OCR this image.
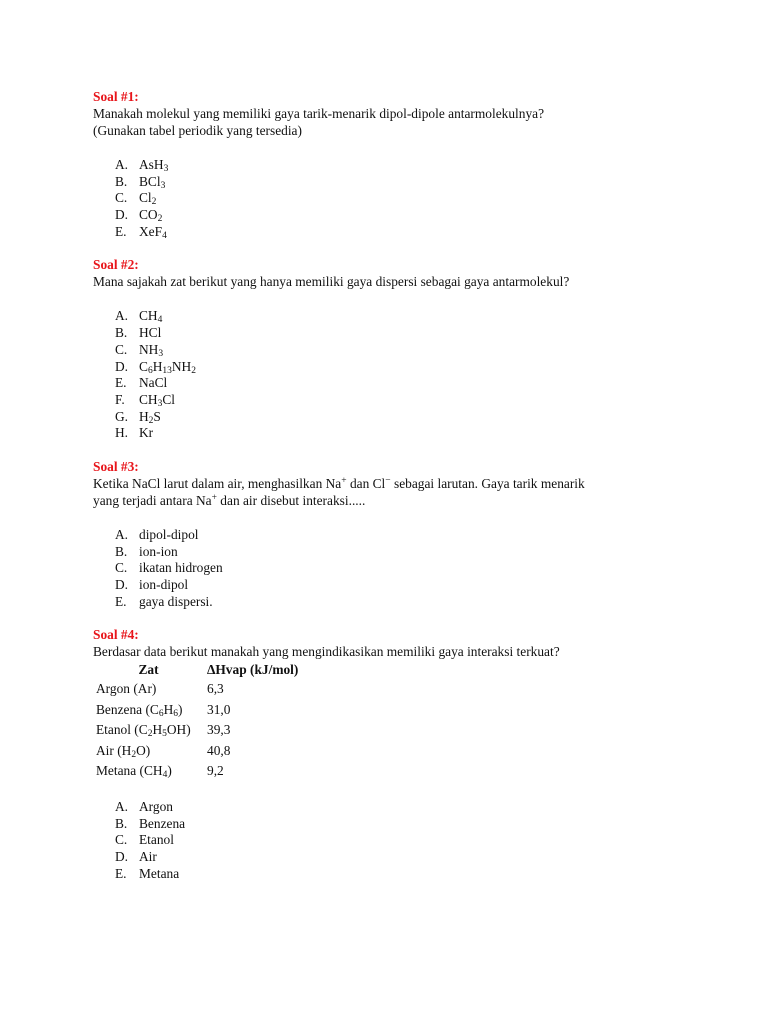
Soal #1:

Manakah molekul yang memiliki gaya tarik-menarik dipol-dipole antarmolekulnya?

(Gunakan tabel periodik yang tersedia)

A. AsH$_3$
B. BCl$_3$
C. $Cl_2$
D. $CO_2$
E. XeF$_4$

Soal #2:

Mana sajakah zat berikut yang hanya memiliki gaya dispersi sebagai gaya antarmolekul?

A. $CH_4$
B. HCl
C. $NH_3$
D. $C_6H_{13}NH_2$
E. NaCl
F. $CH_3Cl$
G. $H_2S$
H. Kr

Soal #3:

Ketika NaCl larut dalam air, menghasilkan Na+ dan Cl− sebagai larutan. Gaya tarik menarik

yang terjadi antara Na+ dan air disebut interaksi.....

A. dipol-dipol
B. ion-ion
C. ikatan hidrogen
D. ion-dipol
E. gaya dispersi.

Soal #4:

Berdasar data berikut manakah yang mengindikasikan memiliki gaya interaksi terkuat?

Zat	ΔHvap (kJ/mol)
Argon (Ar)	6,3
Benzena $(C_6H_6)$	31,0
Etanol $(C_2H_5OH)$	39,3
Air $(H_2O)$	40,8
Metana $(CH_4)$	9,2
A. Argon
B. Benzena
C. Etanol
D. Air
E. Metana
